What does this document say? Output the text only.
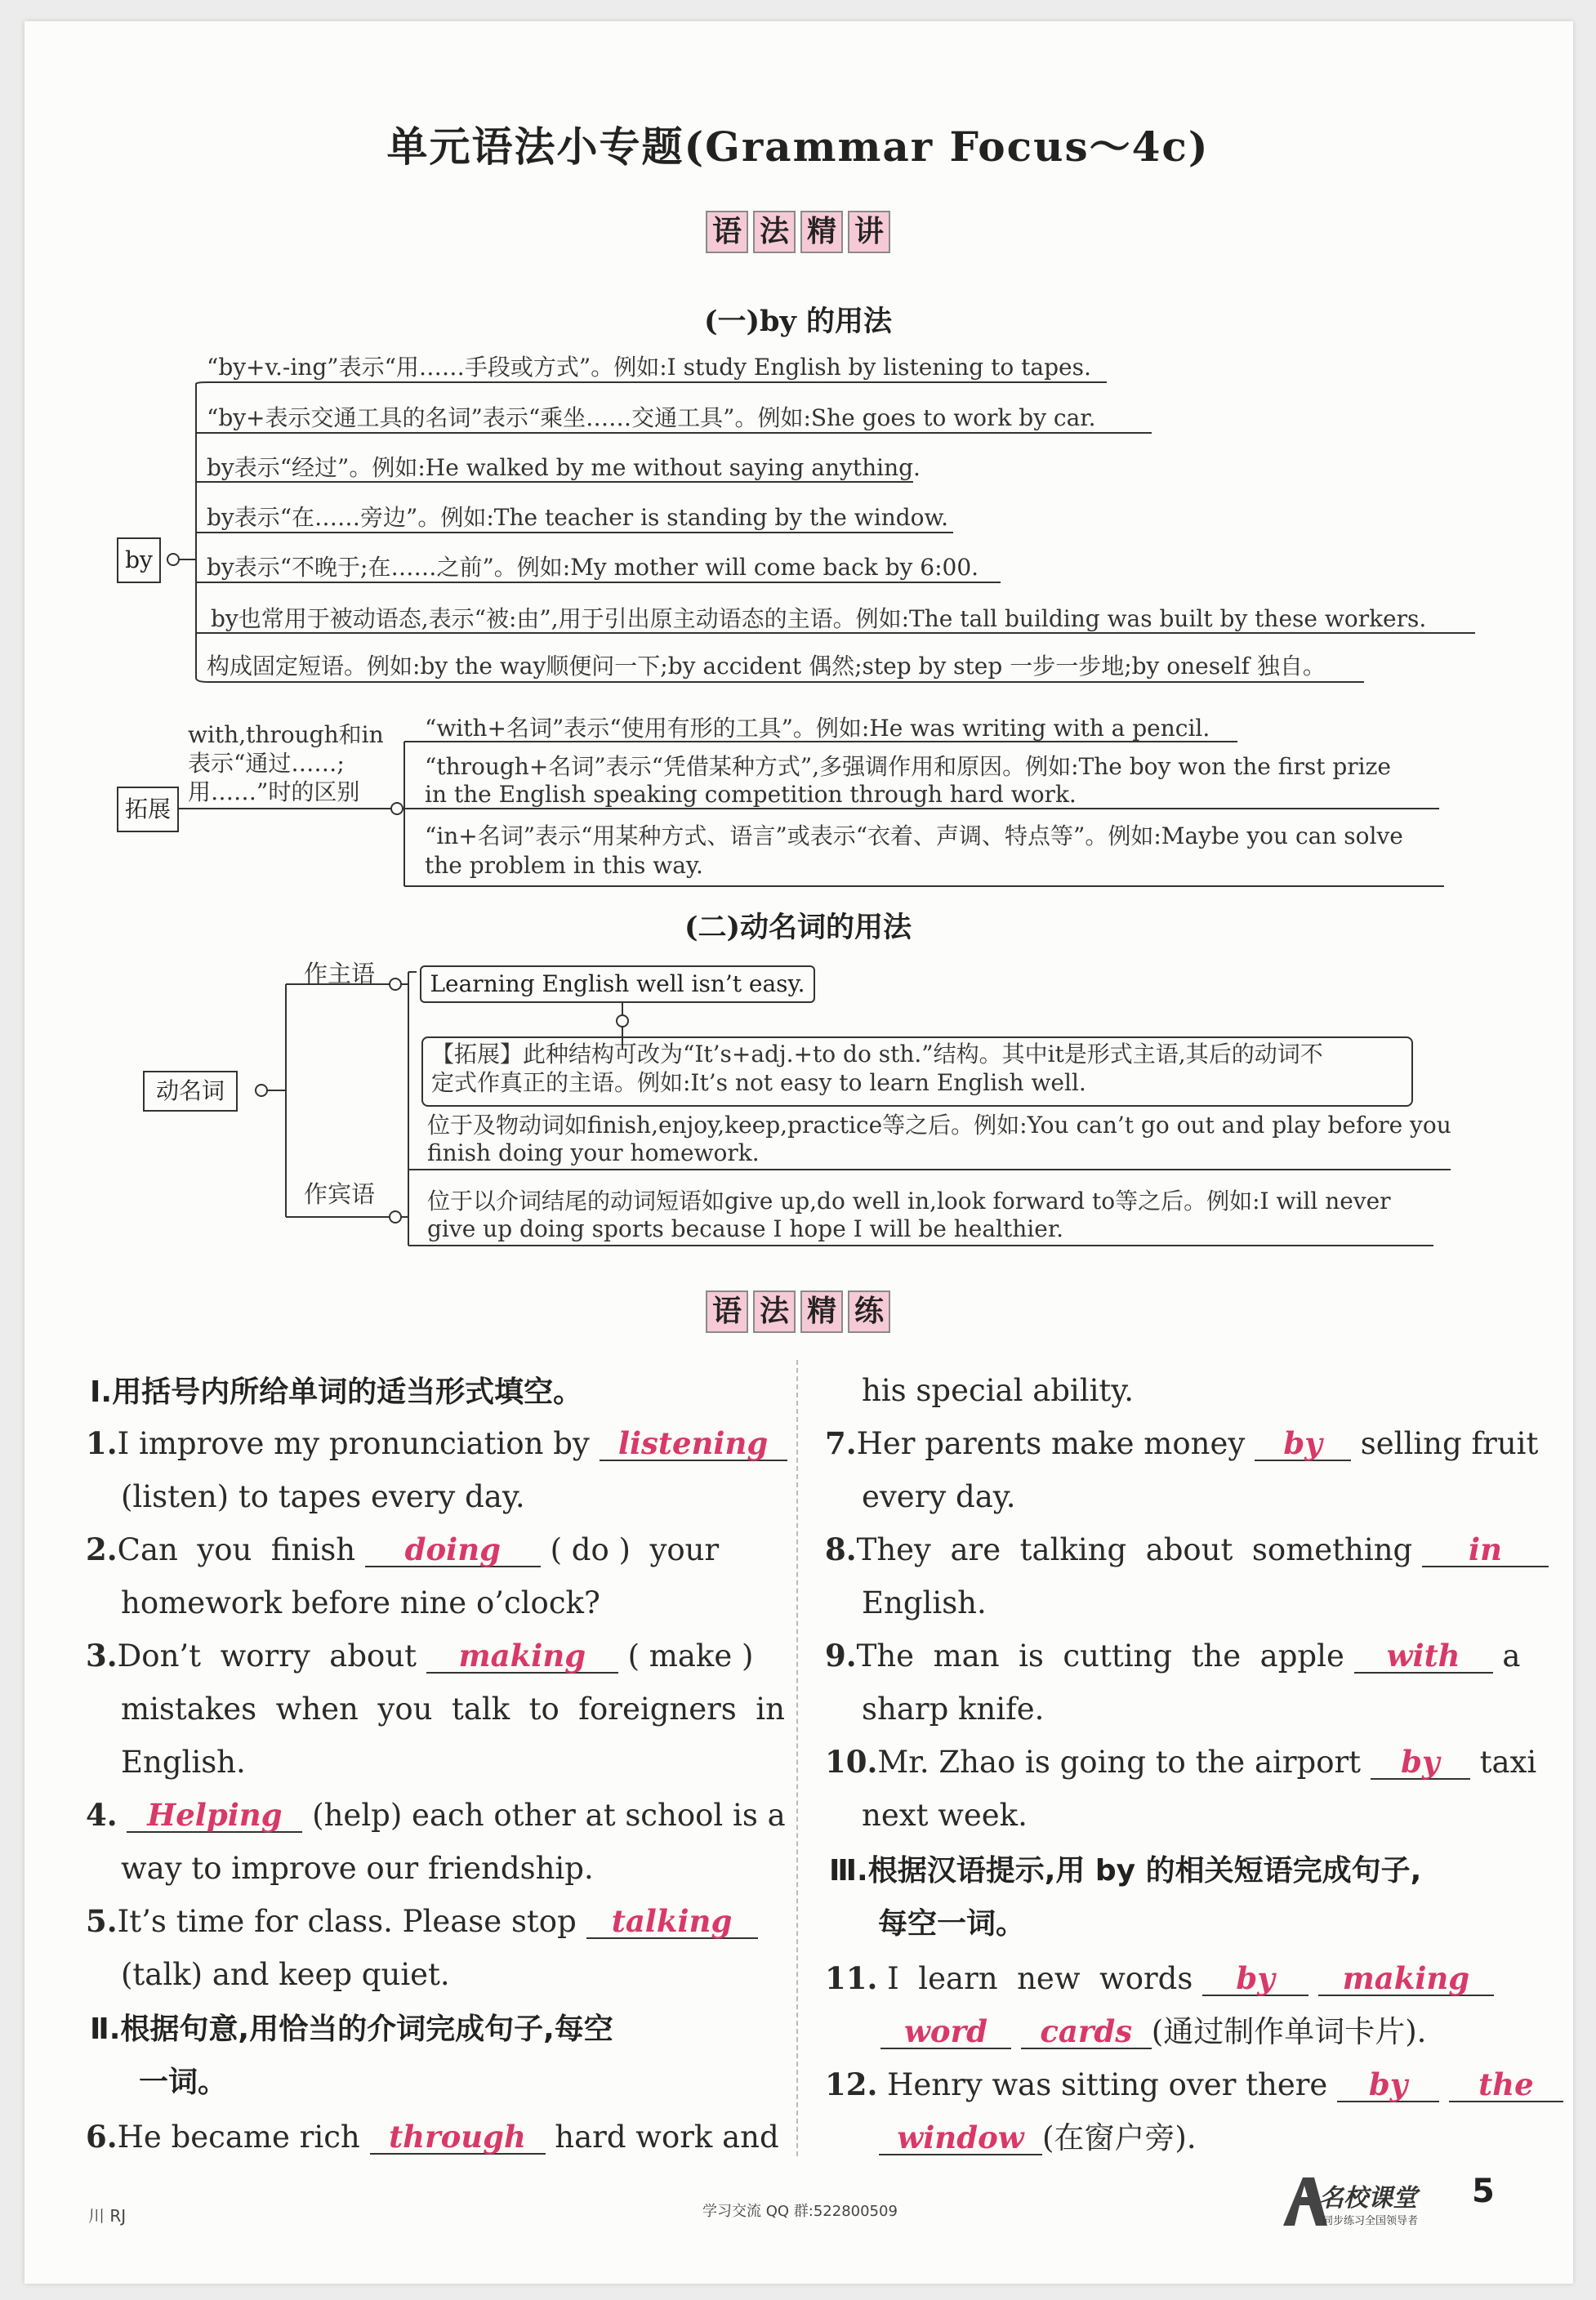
单元语法小专题(Grammar Focus～4c)
语 法 精 讲
(一)by 的用法
by
“by+v.-ing”表示“用……手段或方式”。例如:I study English by listening to tapes.
“by+表示交通工具的名词”表示“乘坐……交通工具”。例如:She goes to work by car.
by表示“经过”。例如:He walked by me without saying anything.
by表示“在……旁边”。例如:The teacher is standing by the window.
by表示“不晚于;在……之前”。例如:My mother will come back by 6:00.
by也常用于被动语态,表示“被:由”,用于引出原主动语态的主语。例如:The tall building was built by these workers.
构成固定短语。例如:by the way顺便问一下;by accident 偶然;step by step 一步一步地;by oneself 独自。
拓展
with,through和in
表示“通过……;
用……”时的区别
“with+名词”表示“使用有形的工具”。例如:He was writing with a pencil.
“through+名词”表示“凭借某种方式”,多强调作用和原因。例如:The boy won the first prize
in the English speaking competition through hard work.
“in+名词”表示“用某种方式、语言”或表示“衣着、声调、特点等”。例如:Maybe you can solve
the problem in this way.
(二)动名词的用法
动名词
作主语	Learning English well isn’t easy.
【拓展】此种结构可改为“It’s+adj.+to do sth.”结构。其中it是形式主语,其后的动词不
定式作真正的主语。例如:It’s not easy to learn English well.
作宾语
位于及物动词如finish,enjoy,keep,practice等之后。例如:You can’t go out and play before you
finish doing your homework.
位于以介词结尾的动词短语如give up,do well in,look forward to等之后。例如:I will never
give up doing sports because I hope I will be healthier.
语 法 精 练
Ⅰ.用括号内所给单词的适当形式填空。
1.I improve my pronunciation by listening
(listen) to tapes every day.
2.Can  you  finish doing ( do )  your
homework before nine o’clock?
3.Don’t  worry  about making ( make )
mistakes  when  you  talk  to  foreigners  in
English.
4. Helping (help) each other at school is a
way to improve our friendship.
5.It’s time for class. Please stop talking
(talk) and keep quiet.
Ⅱ.根据句意,用恰当的介词完成句子,每空
一词。
6.He became rich through hard work and
his special ability.
7.Her parents make money by selling fruit
every day.
8.They  are  talking  about  something in
English.
9.The  man  is  cutting  the  apple with a
sharp knife.
10.Mr. Zhao is going to the airport by taxi
next week.
Ⅲ.根据汉语提示,用 by 的相关短语完成句子,
每空一词。
11. I  learn  new  words by making
word cards (通过制作单词卡片).
12. Henry was sitting over there by the
window (在窗户旁).
川 RJ	学习交流 QQ 群:522800509	名校课堂
同步练习全国领导者
5
